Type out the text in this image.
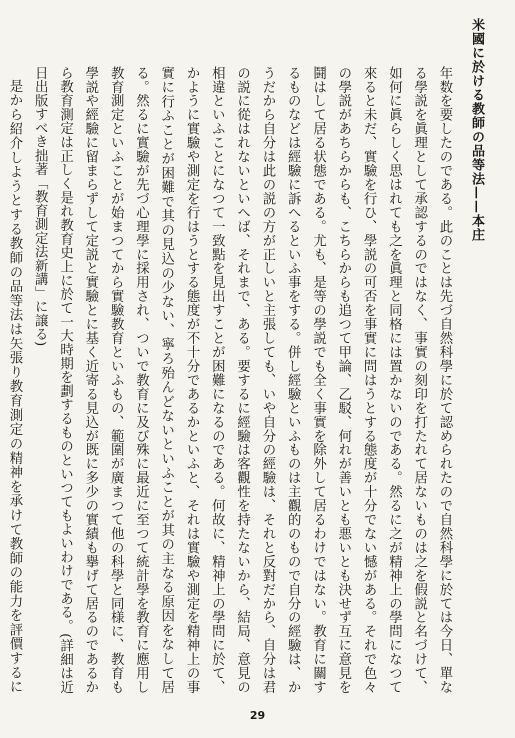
米國に於ける教師の品等法——本庄

年数を要したのである。此のことは先づ自然科學に於て認められたので自然科學に於ては今日、單なる學説を眞理として承認するのではなく、事實の刻印を打たれて居ないものは之を假説と名づけて、如何に眞らしく思はれても之を眞理と同格には置かないのである。然るに之が精神上の學問になつて來ると未だ、實驗を行ひ、學説の可否を事實に問はうとする態度が十分でない憾がある。それで色々の學説があちらからも、こちらからも追つて甲論、乙駁、何れが善いとも悪いとも決せず互に意見を鬪はして居る状態である。尤も、是等の學説でも全く事實を除外して居るわけではない。教育に關するものなどは經驗に訴へるといふ事をする。併し經驗といふものは主觀的のもので自分の經驗は、かうだから自分は此の説の方が正しいと主張しても、いや自分の經驗は、それと反對だから、自分は君の説に從はれないといへば、それまで、ある。要するに經驗は客觀性を持たないから、結局、意見の相違といふことになつて一致點を見出すことが困難になるのである。何故に、精神上の學問に於て、かように實驗や測定を行はうとする態度が不十分であるかといふと、それは實驗や測定を精神上の事實に行ふことが困難で其の見込の少ない、寧ろ殆んどないといふことが其の主なる原因をなして居る。然るに實驗が先づ心理學に採用され、ついで教育に及び殊に最近に至つて統計學を教育に應用し教育測定といふことが始まつてから實驗教育といふもの、範圍が廣まつて他の科學と同様に、教育も學説や經驗に留まらずして定説と實驗とに基く近寄る見込が既に多少の實績も擧げて居るのであるから教育測定は正しく是れ教育史上に於て一大時期を劃するものといつてもよいわけである。(詳細は近日出版すべき拙著「教育測定法新講」に譲る)

是から紹介しようとする教師の品等法は矢張り教育測定の精神を承けて教師の能力を評價するに

29
